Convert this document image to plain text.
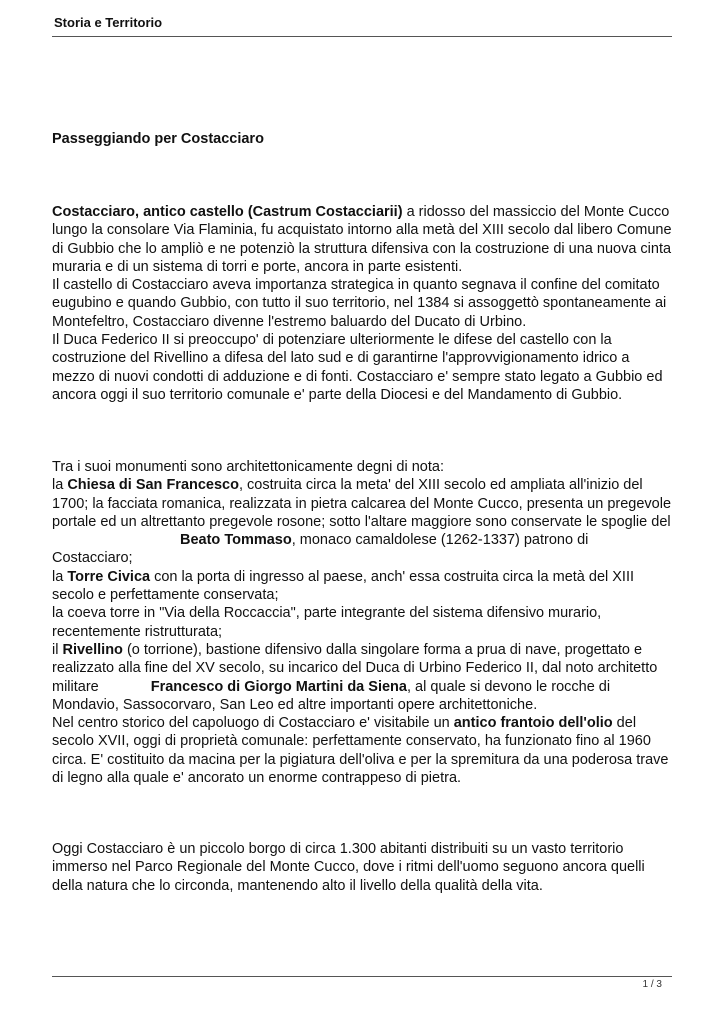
Storia e Territorio
Passeggiando per Costacciaro

Costacciaro, antico castello (Castrum Costacciarii) a ridosso del massiccio del Monte Cucco lungo la consolare Via Flaminia, fu acquistato intorno alla metà del XIII secolo dal libero Comune di Gubbio che lo ampliò e ne potenziò la struttura difensiva con la costruzione di una nuova cinta muraria e di un sistema di torri e porte, ancora in parte esistenti.

Il castello di Costacciaro aveva importanza strategica in quanto segnava il confine del comitato eugubino e quando Gubbio, con tutto il suo territorio, nel 1384 si assoggettò spontaneamente ai Montefeltro, Costacciaro divenne l'estremo baluardo del Ducato di Urbino.

Il Duca Federico II si preoccupo' di potenziare ulteriormente le difese del castello con la costruzione del Rivellino a difesa del lato sud e di garantirne l'approvvigionamento idrico a mezzo di nuovi condotti di adduzione e di fonti. Costacciaro e' sempre stato legato a Gubbio ed ancora oggi il suo territorio comunale e' parte della Diocesi e del Mandamento di Gubbio.

Tra i suoi monumenti sono architettonicamente degni di nota:

la Chiesa di San Francesco, costruita circa la meta' del XIII secolo ed ampliata all'inizio del 1700; la facciata romanica, realizzata in pietra calcarea del Monte Cucco, presenta un pregevole portale ed un altrettanto pregevole rosone; sotto l'altare maggiore sono conservate le spoglie delBeato Tommaso, monaco camaldolese (1262-1337) patrono di Costacciaro;

la Torre Civica con la porta di ingresso al paese, anch' essa costruita circa la metà del XIII secolo e perfettamente conservata;

la coeva torre in "Via della Roccaccia", parte integrante del sistema difensivo murario, recentemente ristrutturata;

il Rivellino (o torrione), bastione difensivo dalla singolare forma a prua di nave, progettato e realizzato alla fine del XV secolo, su incarico del Duca di Urbino Federico II, dal noto architetto militare	Francesco di Giorgo Martini da Siena, al quale si devono le rocche di Mondavio, Sassocorvaro, San Leo ed altre importanti opere architettoniche.

Nel centro storico del capoluogo di Costacciaro e' visitabile un antico frantoio dell'olio del secolo XVII, oggi di proprietà comunale: perfettamente conservato, ha funzionato fino al 1960 circa. E' costituito da macina per la pigiatura dell'oliva e per la spremitura da una poderosa trave di legno alla quale e' ancorato un enorme contrappeso di pietra.

Oggi Costacciaro è un piccolo borgo di circa 1.300 abitanti distribuiti su un vasto territorio immerso nel Parco Regionale del Monte Cucco, dove i ritmi dell'uomo seguono ancora quelli della natura che lo circonda, mantenendo alto il livello della qualità della vita.

1 / 3
